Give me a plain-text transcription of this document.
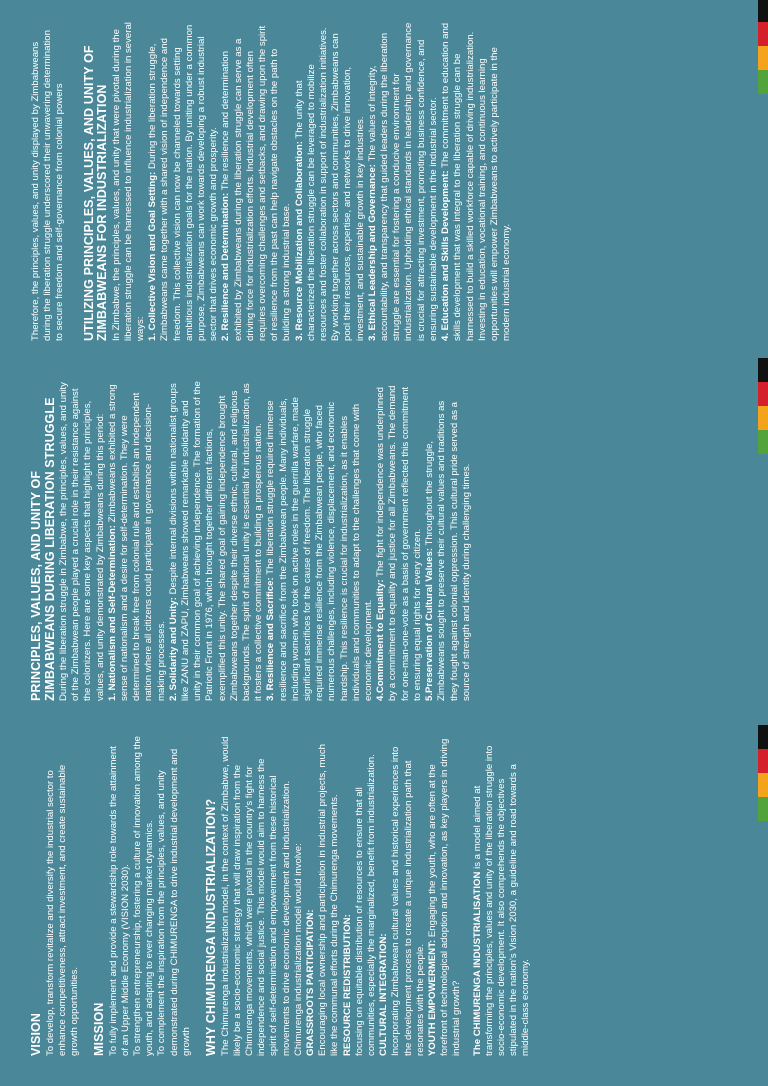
VISION To develop, transform revitalize and diversify the industrial sector to enhance competitiveness, attract investment, and create sustainable growth opportunities. MISSION To fully implement and provide a stewardship role towards the attainment of an Upper Middle Economy (VISION 2030). To strengthen entrepreneurship, fostering a culture of innovation among the youth, and adapting to ever changing market dynamics. To complement the inspiration from the principles, values, and unity demonstrated during CHIMURENGA to drive industrial development and growth WHY CHIMURENGA INDUSTRIALIZATION? The Chimurenga industrialization model, in the context of Zimbabwe, would likely be a socio-economic strategy that will draw inspiration from the Chimurenga movements, which were pivotal in the country's fight for independence and social justice. This model would aim to harness the spirit of self-determination and empowerment from these historical movements to drive economic development and industrialization. Chimurenga industrialization model would involve: GRASSROOTS PARTICIPATION: Encouraging local ownership and participation in industrial projects, much like the communal efforts during the Chimurenga movements. RESOURCE REDISTRIBUTION: focusing on equitable distribution of resources to ensure that all communities, especially the marginalized, benefit from industrialization. CULTURAL INTEGRATION: Incorporating Zimbabwean cultural values and historical experiences into the development process to create a unique industrialization path that resonates with the people. YOUTH EMPOWERMENT: Engaging the youth, who are often at the forefront of technological adoption and innovation, as key players in driving industrial growth? The CHIMURENGA INDUSTRIALISATION is a model aimed at transforming the principles, values and unity of the liberation struggle into socio-economic development. It also comprehends the objectives stipulated in the nation's Vision 2030, a guideline and road towards a middle-class economy.

PRINCIPLES, VALUES, AND UNITY OF ZIMBABWEANS DURING LIBERATION STRUGGLE During the liberation struggle in Zimbabwe, the principles, values, and unity of the Zimbabwean people played a crucial role in their resistance against the colonizers. Here are some key aspects that highlight the principles, values, and unity demonstrated by Zimbabweans during this period: 1. Nationalism and Self-Determination: Zimbabweans exhibited a strong sense of nationalism and a desire for self-determination. They were determined to break free from colonial rule and establish an independent nation where all citizens could participate in governance and decision-making processes. 2. Solidarity and Unity: Despite internal divisions within nationalist groups like ZANU and ZAPU, Zimbabweans showed remarkable solidarity and unity in their common goal of achieving independence. The formation of the Patriotic Front in 1976, which brought together different factions, exemplified this unity. The shared goal of gaining independence brought Zimbabweans together despite their diverse ethnic, cultural, and religious backgrounds. The spirit of national unity is essential for industrialization, as it fosters a collective commitment to building a prosperous nation. 3. Resilience and Sacrifice: The liberation struggle required immense resilience and sacrifice from the Zimbabwean people. Many individuals, including women who took on active roles in the guerrilla warfare, made significant sacrifices for the cause of freedom. The liberation struggle required immense resilience from the Zimbabwean people, who faced numerous challenges, including violence, displacement, and economic hardship. This resilience is crucial for industrialization, as it enables individuals and communities to adapt to the challenges that come with economic development. 4.Commitment to Equality: The fight for independence was underpinned by a commitment to equality and justice for all Zimbabweans. The demand for one-man-one-vote as a basis of government reflected this commitment to ensuring equal rights for every citizen. 5.Preservation of Cultural Values: Throughout the struggle, Zimbabweans sought to preserve their cultural values and traditions as they fought against colonial oppression. This cultural pride served as a source of strength and identity during challenging times.

Therefore, the principles, values, and unity displayed by Zimbabweans during the liberation struggle underscored their unwavering determination to secure freedom and self-governance from colonial powers UTILIZING PRINCIPLES, VALUES, AND UNITY OF ZIMBABWEANS FOR INDUSTRIALIZATION In Zimbabwe, the principles, values, and unity that were pivotal during the liberation struggle can be harnessed to influence industrialization in several ways: 1. Collective Vision and Goal Setting: During the liberation struggle, Zimbabweans came together with a shared vision of independence and freedom. This collective vision can now be channeled towards setting ambitious industrialization goals for the nation. By uniting under a common purpose, Zimbabweans can work towards developing a robust industrial sector that drives economic growth and prosperity. 2. Resilience and Determination: The resilience and determination exhibited by Zimbabweans during the liberation struggle can serve as a driving force for industrialization efforts. Industrial development often requires overcoming challenges and setbacks, and drawing upon the spirit of resilience from the past can help navigate obstacles on the path to building a strong industrial base. 3. Resource Mobilization and Collaboration: The unity that characterized the liberation struggle can be leveraged to mobilize resources and foster collaboration in support of industrialization initiatives. By working together across sectors and communities, Zimbabweans can pool their resources, expertise, and networks to drive innovation, investment, and sustainable growth in key industries. 3. Ethical Leadership and Governance: The values of integrity, accountability, and transparency that guided leaders during the liberation struggle are essential for fostering a conducive environment for industrialization. Upholding ethical standards in leadership and governance is crucial for attracting investment, promoting business confidence, and ensuring sustainable development in the industrial sector. 4. Education and Skills Development: The commitment to education and skills development that was integral to the liberation struggle can be harnessed to build a skilled workforce capable of driving industrialization. Investing in education, vocational training, and continuous learning opportunities will empower Zimbabweans to actively participate in the modern industrial economy.
